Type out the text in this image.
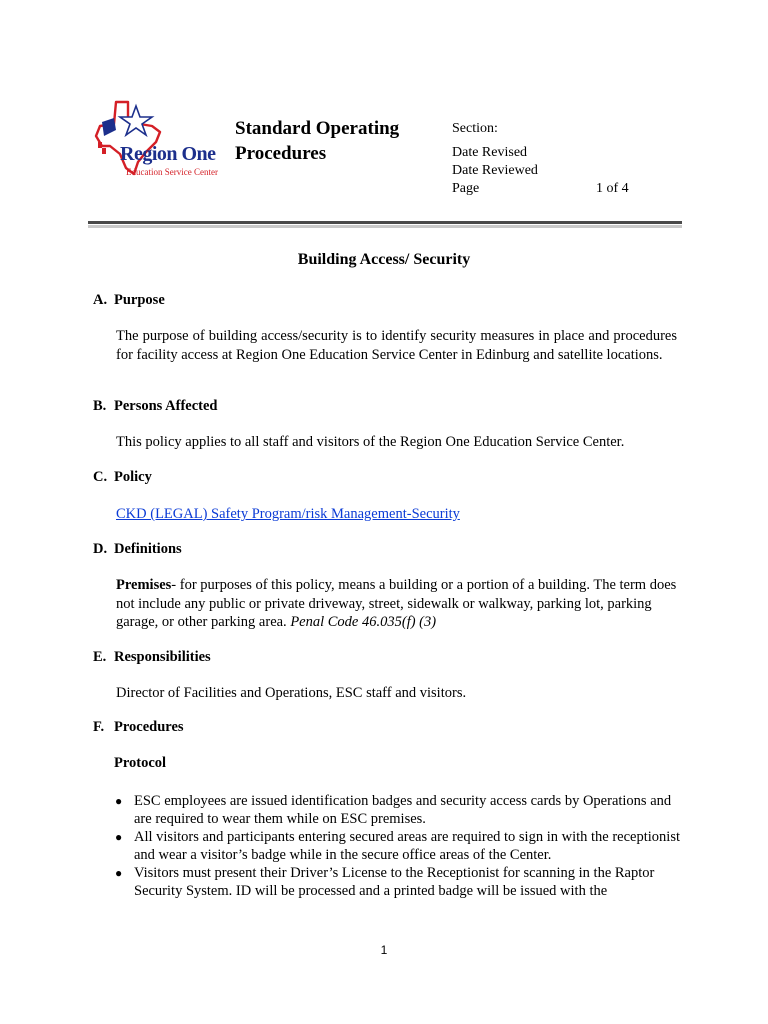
Region One
Education Service Center
Standard Operating
Procedures
Section:
Date Revised
Date Reviewed
Page	1 of 4
Building Access/ Security
A. Purpose
The purpose of building access/security is to identify security measures in place and procedures for facility access at Region One Education Service Center in Edinburg and satellite locations.
B. Persons Affected
This policy applies to all staff and visitors of the Region One Education Service Center.
C. Policy
CKD (LEGAL) Safety Program/risk Management-Security
D. Definitions
Premises- for purposes of this policy, means a building or a portion of a building. The term does not include any public or private driveway, street, sidewalk or walkway, parking lot, parking garage, or other parking area. Penal Code 46.035(f) (3)
E. Responsibilities
Director of Facilities and Operations, ESC staff and visitors.
F. Procedures
Protocol
● ESC employees are issued identification badges and security access cards by Operations and are required to wear them while on ESC premises.
● All visitors and participants entering secured areas are required to sign in with the receptionist and wear a visitor’s badge while in the secure office areas of the Center.
● Visitors must present their Driver’s License to the Receptionist for scanning in the Raptor Security System. ID will be processed and a printed badge will be issued with the
1
